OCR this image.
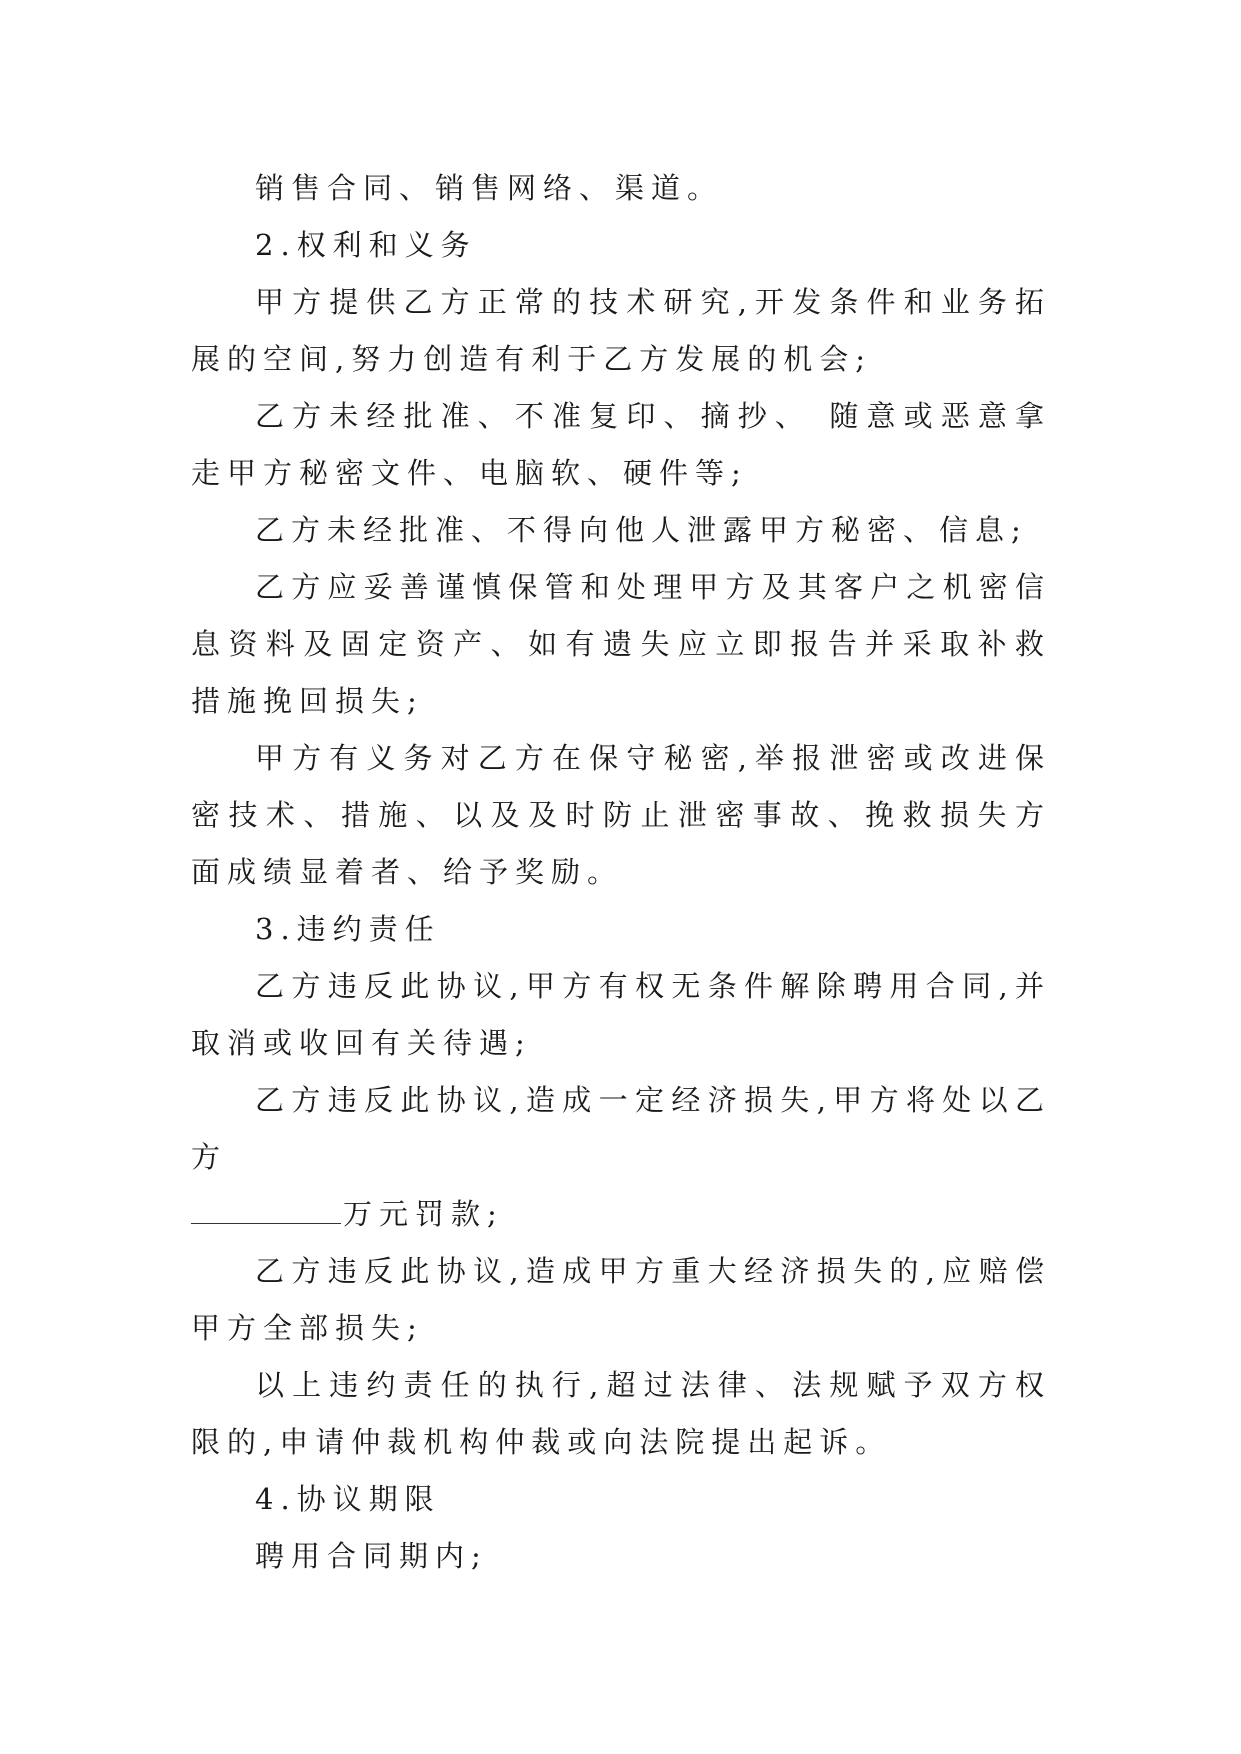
销售合同、销售网络、渠道。

2.权利和义务

甲方提供乙方正常的技术研究,开发条件和业务拓展的空间,努力创造有利于乙方发展的机会;

乙方未经批准、不准复印、摘抄、 随意或恶意拿走甲方秘密文件、电脑软、硬件等;

乙方未经批准、不得向他人泄露甲方秘密、信息;

乙方应妥善谨慎保管和处理甲方及其客户之机密信息资料及固定资产、如有遗失应立即报告并采取补救措施挽回损失;

甲方有义务对乙方在保守秘密,举报泄密或改进保密技术、措施、以及及时防止泄密事故、挽救损失方面成绩显着者、给予奖励。

3.违约责任

乙方违反此协议,甲方有权无条件解除聘用合同,并取消或收回有关待遇;

乙方违反此协议,造成一定经济损失,甲方将处以乙方
万元罚款;

乙方违反此协议,造成甲方重大经济损失的,应赔偿甲方全部损失;

以上违约责任的执行,超过法律、法规赋予双方权限的,申请仲裁机构仲裁或向法院提出起诉。

4.协议期限

聘用合同期内;
